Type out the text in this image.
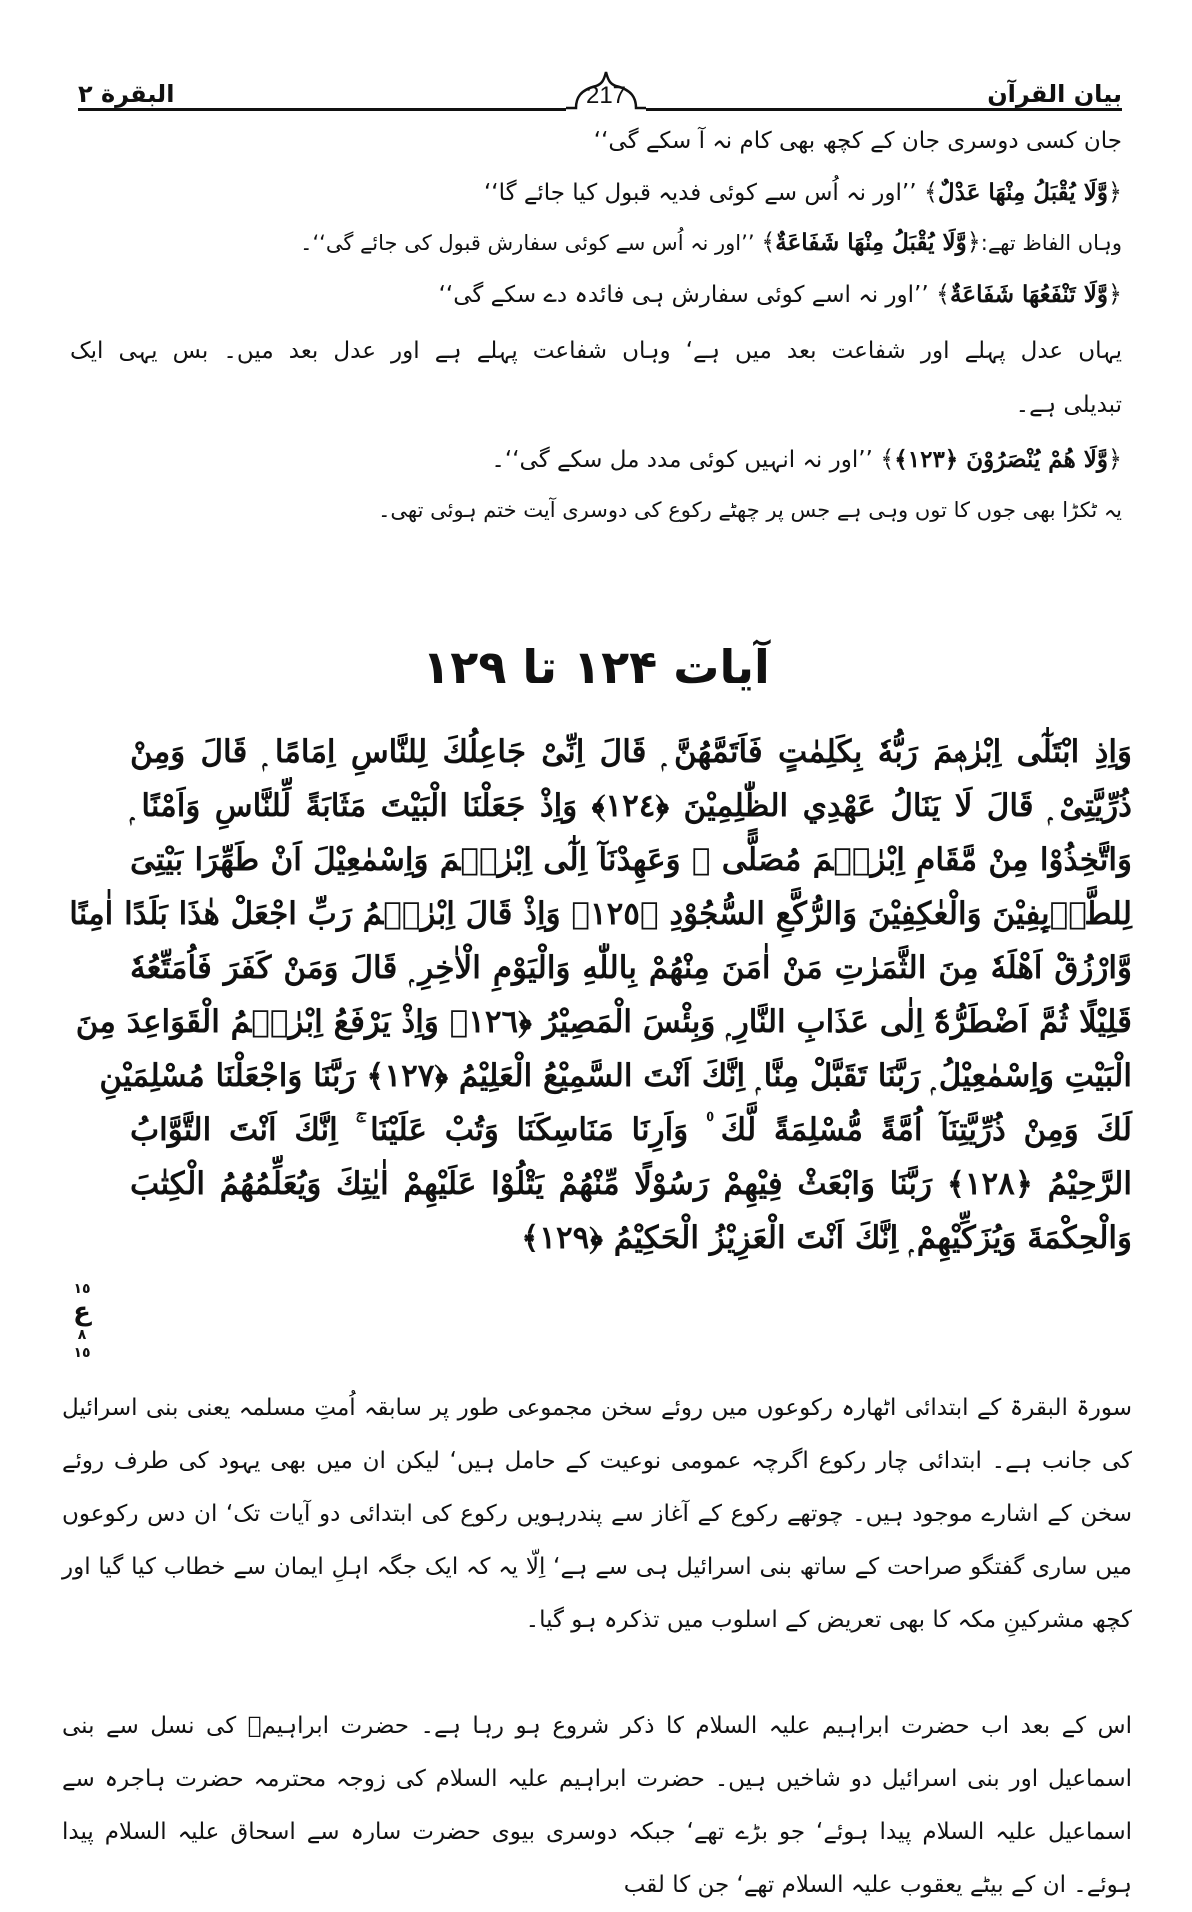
بیان القرآن
البقرة ٢	217
جان کسی دوسری جان کے کچھ بھی کام نہ آ سکے گی‘‘
﴿وَّلَا يُقْبَلُ مِنْهَا عَدْلٌ﴾ ’’اور نہ اُس سے کوئی فدیہ قبول کیا جائے گا‘‘
وہاں الفاظ تھے:﴿وَّلَا يُقْبَلُ مِنْهَا شَفَاعَةٌ﴾ ’’اور نہ اُس سے کوئی سفارش قبول کی جائے گی‘‘۔
﴿وَّلَا تَنْفَعُهَا شَفَاعَةٌ﴾ ’’اور نہ اسے کوئی سفارش ہی فائدہ دے سکے گی‘‘
یہاں عدل پہلے اور شفاعت بعد میں ہے‘ وہاں شفاعت پہلے ہے اور عدل بعد میں۔ بس یہی ایک
تبدیلی ہے۔
﴿وَّلَا هُمْ يُنْصَرُوْنَ ﴿١٢٣﴾﴾ ’’اور نہ انہیں کوئی مدد مل سکے گی‘‘۔
یہ ٹکڑا بھی جوں کا توں وہی ہے جس پر چھٹے رکوع کی دوسری آیت ختم ہوئی تھی۔
آیات ۱۲۴ تا ۱۲۹
وَاِذِ ابْتَلٰٓى اِبْرٰهٖمَ رَبُّهٗ بِكَلِمٰتٍ فَاَتَمَّهُنَّ ۭ قَالَ اِنِّىْ جَاعِلُكَ لِلنَّاسِ اِمَامًا ۭ قَالَ وَمِنْ
ذُرِّيَّتِىْ ۭ قَالَ لَا يَنَالُ عَهْدِي الظّٰلِمِيْنَ ﴿١٢٤﴾ وَاِذْ جَعَلْنَا الْبَيْتَ مَثَابَةً لِّلنَّاسِ وَاَمْنًا ۭ
وَاتَّخِذُوْا مِنْ مَّقَامِ اِبْرٰهٖمَ مُصَلًّى ۭ وَعَهِدْنَآ اِلٰٓى اِبْرٰهٖمَ وَاِسْمٰعِيْلَ اَنْ طَهِّرَا بَيْتِىَ
لِلطَّاۗىِٕفِيْنَ وَالْعٰكِفِيْنَ وَالرُّكَّعِ السُّجُوْدِ ﴿١٢٥﴾ وَاِذْ قَالَ اِبْرٰهٖمُ رَبِّ اجْعَلْ هٰذَا بَلَدًا اٰمِنًا
وَّارْزُقْ اَهْلَهٗ مِنَ الثَّمَرٰتِ مَنْ اٰمَنَ مِنْهُمْ بِاللّٰهِ وَالْيَوْمِ الْاٰخِرِ ۭ قَالَ وَمَنْ كَفَرَ فَاُمَتِّعُهٗ
قَلِيْلًا ثُمَّ اَضْطَرُّهٗٓ اِلٰى عَذَابِ النَّارِ ۭ وَبِئْسَ الْمَصِيْرُ ﴿١٢٦﴾ وَاِذْ يَرْفَعُ اِبْرٰهٖمُ الْقَوَاعِدَ مِنَ
الْبَيْتِ وَاِسْمٰعِيْلُ ۭ رَبَّنَا تَقَبَّلْ مِنَّا ۭ اِنَّكَ اَنْتَ السَّمِيْعُ الْعَلِيْمُ ﴿١٢٧﴾ رَبَّنَا وَاجْعَلْنَا مُسْلِمَيْنِ
لَكَ وَمِنْ ذُرِّيَّتِنَآ اُمَّةً مُّسْلِمَةً لَّكَ ۠ وَاَرِنَا مَنَاسِكَنَا وَتُبْ عَلَيْنَا ۚ اِنَّكَ اَنْتَ التَّوَّابُ
الرَّحِيْمُ ﴿١٢٨﴾ رَبَّنَا وَابْعَثْ فِيْهِمْ رَسُوْلًا مِّنْهُمْ يَتْلُوْا عَلَيْهِمْ اٰيٰتِكَ وَيُعَلِّمُهُمُ الْكِتٰبَ
وَالْحِكْمَةَ وَيُزَكِّيْهِمْ ۭ اِنَّكَ اَنْتَ الْعَزِيْزُ الْحَكِيْمُ ﴿١٢٩﴾
١٥
ع
٨
١٥
سورۃ البقرۃ کے ابتدائی اٹھارہ رکوعوں میں روئے سخن مجموعی طور پر سابقہ اُمتِ مسلمہ یعنی بنی اسرائیل کی جانب ہے۔ ابتدائی چار رکوع اگرچہ عمومی نوعیت کے حامل ہیں‘ لیکن ان میں بھی یہود کی طرف روئے سخن کے اشارے موجود ہیں۔ چوتھے رکوع کے آغاز سے پندرہویں رکوع کی ابتدائی دو آیات تک‘ ان دس رکوعوں میں ساری گفتگو صراحت کے ساتھ بنی اسرائیل ہی سے ہے‘ اِلّا یہ کہ ایک جگہ اہلِ ایمان سے خطاب کیا گیا اور کچھ مشرکینِ مکہ کا بھی تعریض کے اسلوب میں تذکرہ ہو گیا۔
اس کے بعد اب حضرت ابراہیم علیہ السلام کا ذکر شروع ہو رہا ہے۔ حضرت ابراہیمؑ کی نسل سے بنی اسماعیل اور بنی اسرائیل دو شاخیں ہیں۔ حضرت ابراہیم علیہ السلام کی زوجہ محترمہ حضرت ہاجرہ سے اسماعیل علیہ السلام پیدا ہوئے‘ جو بڑے تھے‘ جبکہ دوسری بیوی حضرت سارہ سے اسحاق علیہ السلام پیدا ہوئے۔ ان کے بیٹے یعقوب علیہ السلام تھے‘ جن کا لقب
